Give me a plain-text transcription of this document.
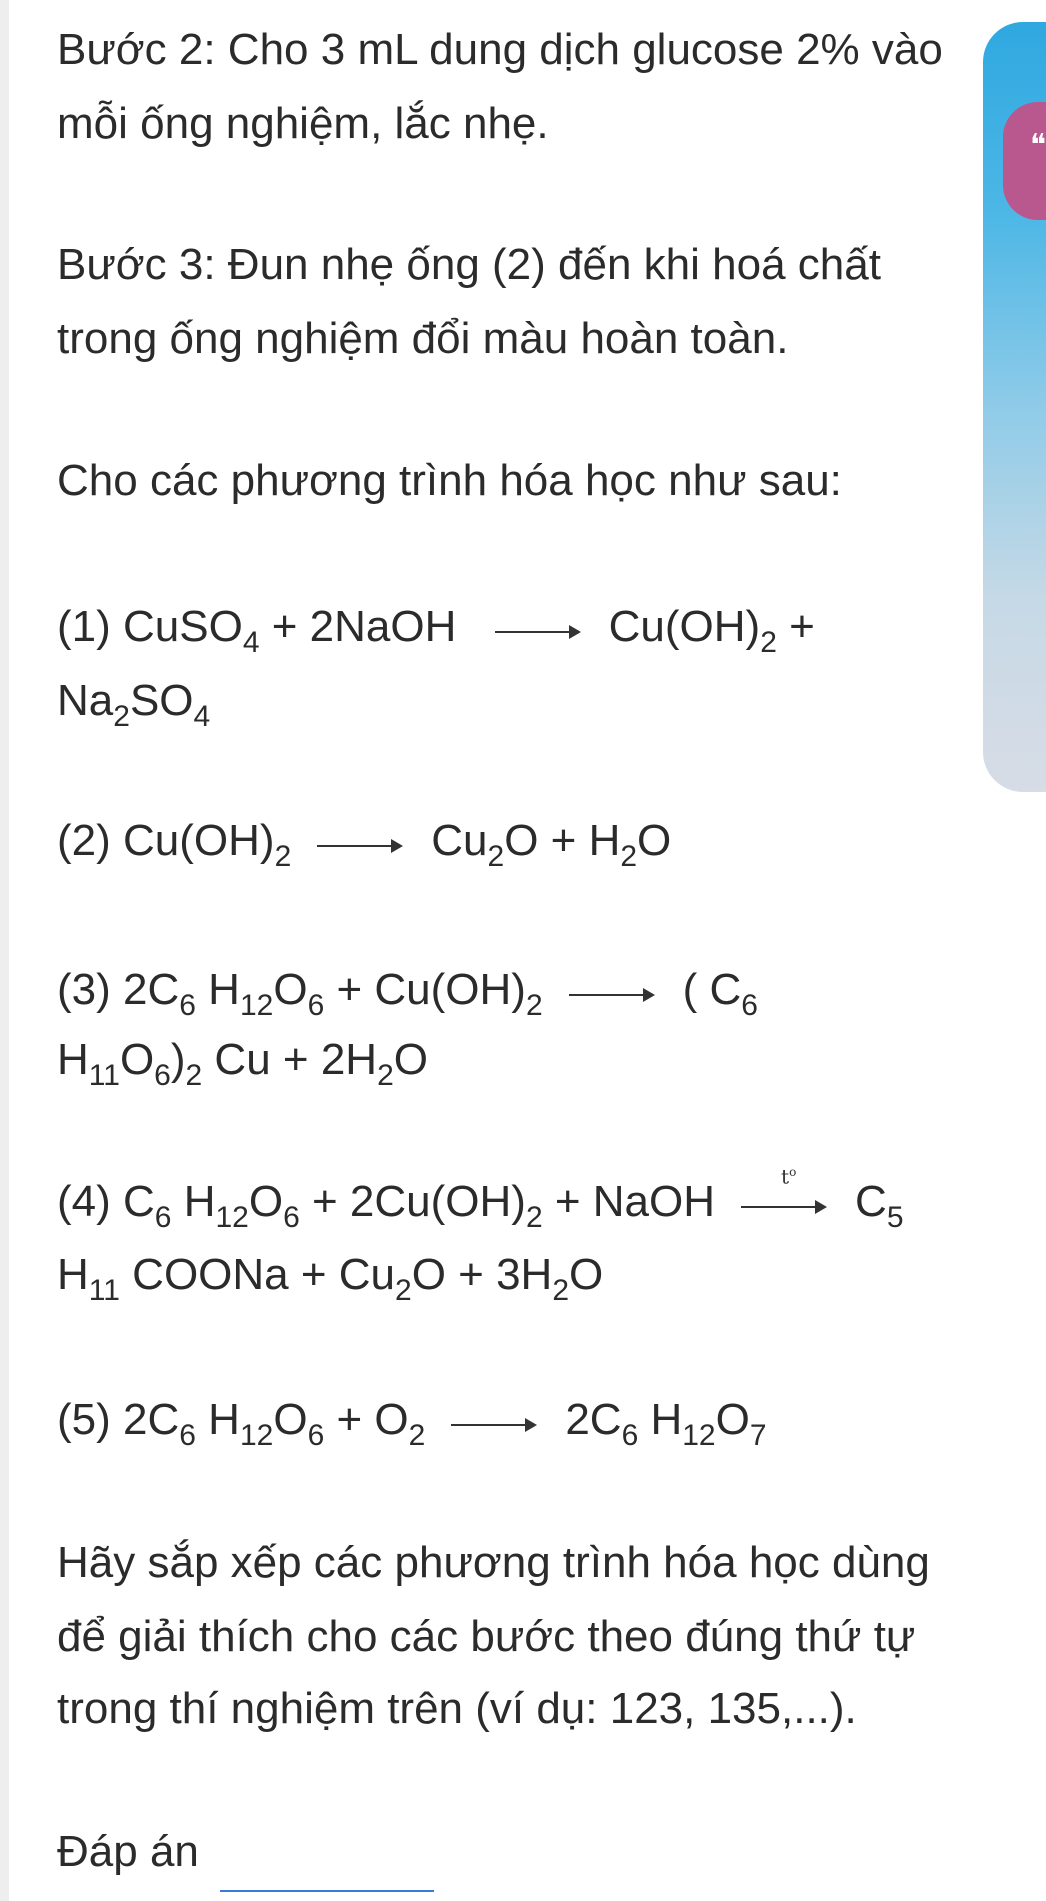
Bước 2: Cho 3 mL dung dịch glucose 2% vào
mỗi ống nghiệm, lắc nhẹ.
Bước 3: Đun nhẹ ống (2) đến khi hoá chất
trong ống nghiệm đổi màu hoàn toàn.
Cho các phương trình hóa học như sau:
(1) CuSO$_4$ + 2NaOH	$Cu(OH)_2$ +
$Na_2SO_4$
(2) $Cu(OH)_2$	$Cu_2O + H_2O$
(3) $2C_6$ $H_{12}O_6 + Cu(OH)_2$	( $C_6$
$H_{11}O_6)_2$ $Cu + 2H_2O$
(4) $C_6$ $H_{12}O_6 + 2Cu(OH)_2$ + NaOH	$t^o$
$C_5$
$H_{11}$ COONa + $Cu_2O + 3H_2O$
(5) $2C_6$ $H_{12}O_6 + O_2$	$2C_6$ $H_{12}O_7$
Hãy sắp xếp các phương trình hóa học dùng
để giải thích cho các bước theo đúng thứ tự
trong thí nghiệm trên (ví dụ: 123, 135,...).
Đáp án
❝
